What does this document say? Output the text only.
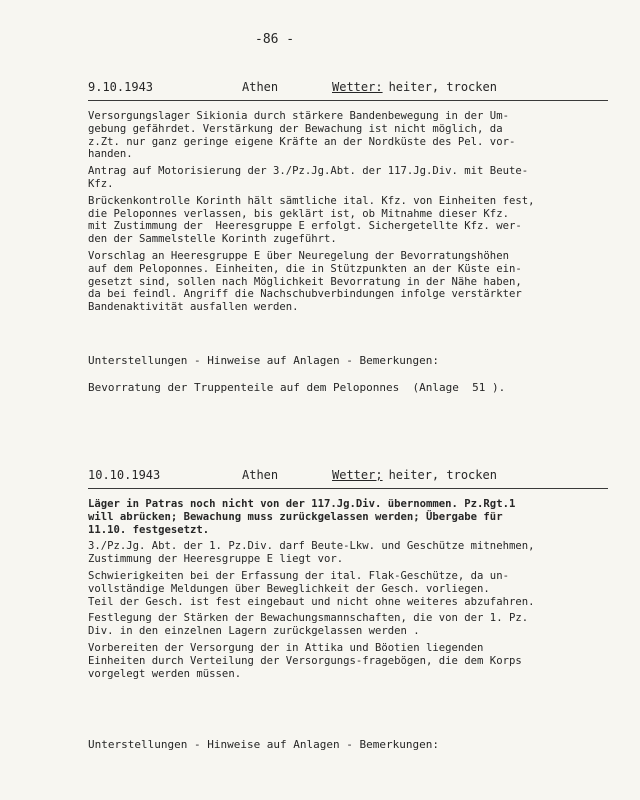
-86 -
9.10.1943	Athen	Wetter: heiter, trocken

Versorgungslager Sikionia durch stärkere Bandenbewegung in der Um-
gebung gefährdet. Verstärkung der Bewachung ist nicht möglich, da
z.Zt. nur ganz geringe eigene Kräfte an der Nordküste des Pel. vor-
handen.

Antrag auf Motorisierung der 3./Pz.Jg.Abt. der 117.Jg.Div. mit Beute-
Kfz.

Brückenkontrolle Korinth hält sämtliche ital. Kfz. von Einheiten fest,
die Peloponnes verlassen, bis geklärt ist, ob Mitnahme dieser Kfz.
mit Zustimmung der  Heeresgruppe E erfolgt. Sichergetellte Kfz. wer-
den der Sammelstelle Korinth zugeführt.

Vorschlag an Heeresgruppe E über Neuregelung der Bevorratungshöhen
auf dem Peloponnes. Einheiten, die in Stützpunkten an der Küste ein-
gesetzt sind, sollen nach Möglichkeit Bevorratung in der Nähe haben,
da bei feindl. Angriff die Nachschubverbindungen infolge verstärkter
Bandenaktivität ausfallen werden.

Unterstellungen - Hinweise auf Anlagen - Bemerkungen:
Bevorratung der Truppenteile auf dem Peloponnes  (Anlage  51 ).
10.10.1943	Athen	Wetter; heiter, trocken

Läger in Patras noch nicht von der 117.Jg.Div. übernommen. Pz.Rgt.1
will abrücken; Bewachung muss zurückgelassen werden; Übergabe für
11.10. festgesetzt.

3./Pz.Jg. Abt. der 1. Pz.Div. darf Beute-Lkw. und Geschütze mitnehmen,
Zustimmung der Heeresgruppe E liegt vor.

Schwierigkeiten bei der Erfassung der ital. Flak-Geschütze, da un-
vollständige Meldungen über Beweglichkeit der Gesch. vorliegen.
Teil der Gesch. ist fest eingebaut und nicht ohne weiteres abzufahren.

Festlegung der Stärken der Bewachungsmannschaften, die von der 1. Pz.
Div. in den einzelnen Lagern zurückgelassen werden .

Vorbereiten der Versorgung der in Attika und Böotien liegenden
Einheiten durch Verteilung der Versorgungs-fragebögen, die dem Korps
vorgelegt werden müssen.

Unterstellungen - Hinweise auf Anlagen - Bemerkungen:
